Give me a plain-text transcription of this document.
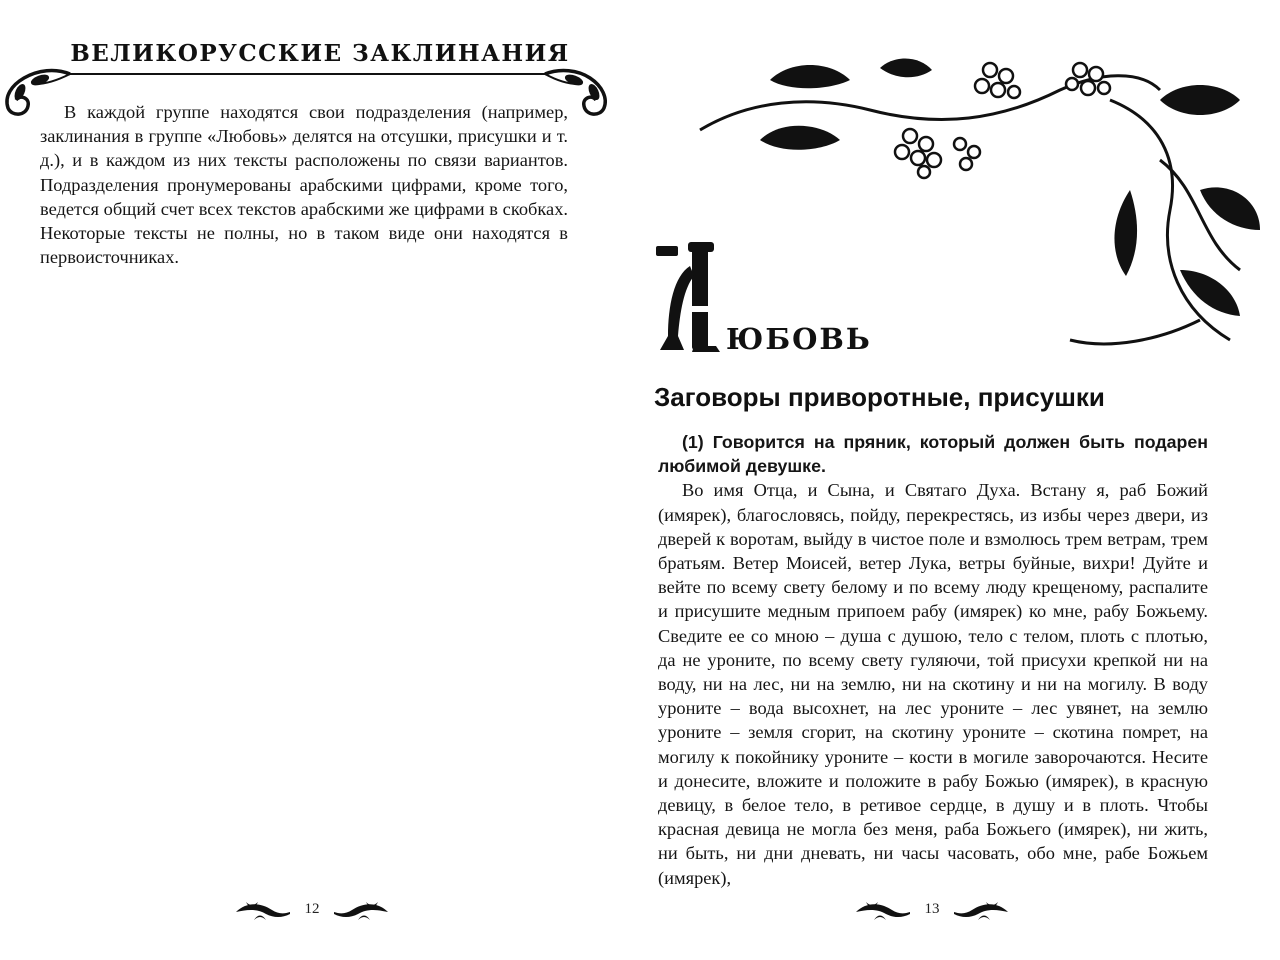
ВЕЛИКОРУССКИЕ ЗАКЛИНАНИЯ
В каждой группе находятся свои подразделения (например, заклинания в группе «Любовь» делятся на отсушки, присушки и т. д.), и в каждом из них тексты расположены по связи вариантов. Подразделения пронумерованы арабскими цифрами, кроме того, ведется общий счет всех текстов арабскими же цифрами в скобках. Некоторые тексты не полны, но в таком виде они находятся в первоисточниках.
12
Л
ЮБОВЬ
Заговоры приворотные, присушки
(1) Говорится на пряник, который должен быть подарен любимой девушке.
Во имя Отца, и Сына, и Святаго Духа. Встану я, раб Божий (имярек), благословясь, пойду, перекрестясь, из избы через двери, из дверей к воротам, выйду в чистое поле и взмолюсь трем ветрам, трем братьям. Ветер Моисей, ветер Лука, ветры буйные, вихри! Дуйте и вейте по всему свету белому и по всему люду крещеному, распалите и присушите медным припоем рабу (имярек) ко мне, рабу Божьему. Сведите ее со мною – душа с душою, тело с телом, плоть с плотью, да не уроните, по всему свету гуляючи, той присухи крепкой ни на воду, ни на лес, ни на землю, ни на скотину и ни на могилу. В воду уроните – вода высохнет, на лес уроните – лес увянет, на землю уроните – земля сгорит, на скотину уроните – скотина помрет, на могилу к покойнику уроните – кости в могиле заворочаются. Несите и донесите, вложите и положите в рабу Божью (имярек), в красную девицу, в белое тело, в ретивое сердце, в душу и в плоть. Чтобы красная девица не могла без меня, раба Божьего (имярек), ни жить, ни быть, ни дни дневать, ни часы часовать, обо мне, рабе Божьем (имярек),
13
